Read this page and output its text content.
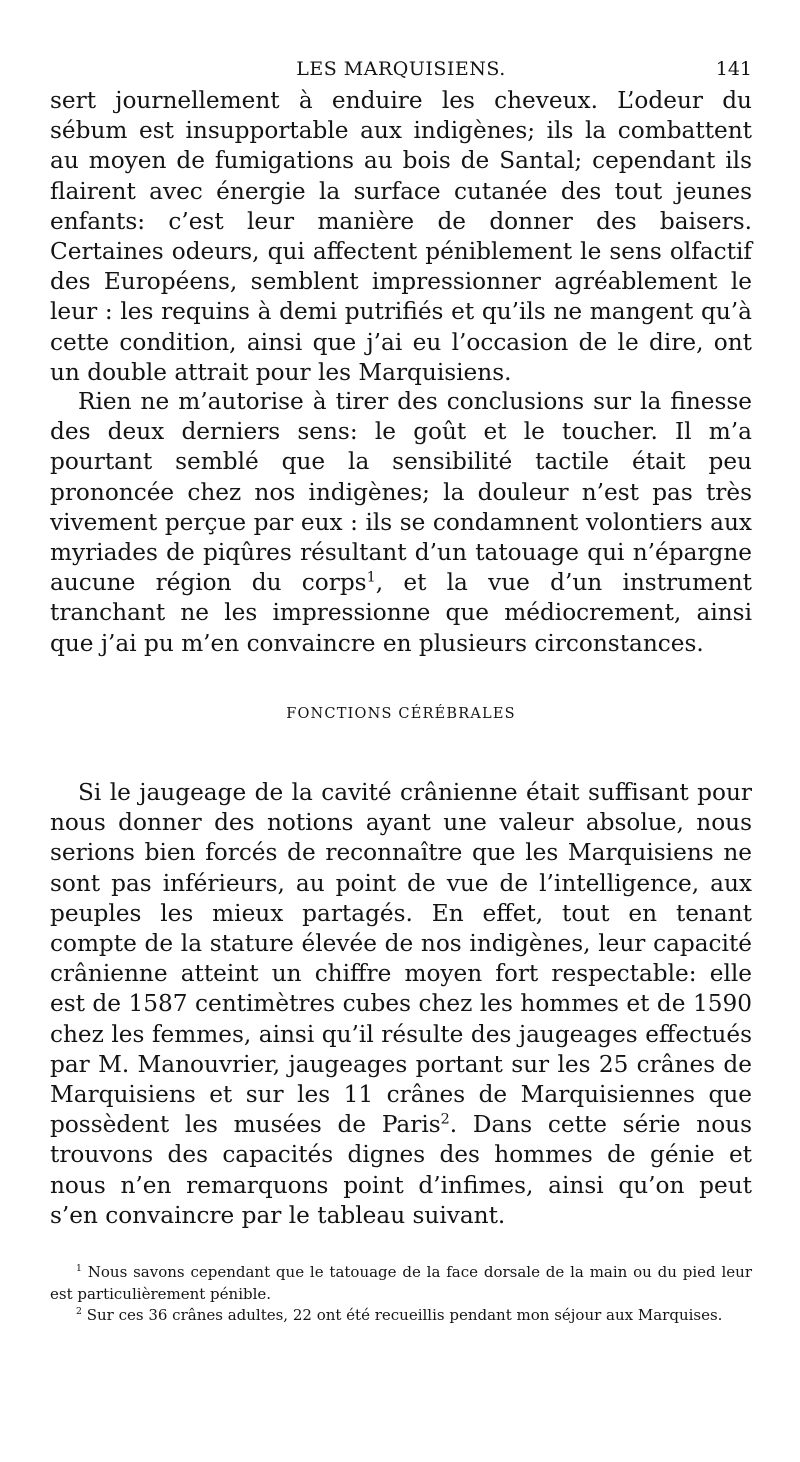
LES MARQUISIENS.	141

sert journellement à enduire les cheveux. L’odeur du sébum est insupportable aux indigènes; ils la combattent au moyen de fumigations au bois de Santal; cependant ils flairent avec énergie la surface cutanée des tout jeunes enfants: c’est leur manière de donner des baisers. Certaines odeurs, qui affectent péniblement le sens olfactif des Européens, semblent impressionner agréablement le leur : les requins à demi putrifiés et qu’ils ne mangent qu’à cette condition, ainsi que j’ai eu l’occasion de le dire, ont un double attrait pour les Marquisiens.

Rien ne m’autorise à tirer des conclusions sur la finesse des deux derniers sens: le goût et le toucher. Il m’a pourtant semblé que la sensibilité tactile était peu prononcée chez nos indigènes; la douleur n’est pas très vivement perçue par eux : ils se condamnent volontiers aux myriades de piqûres résultant d’un tatouage qui n’épargne aucune région du corps$^1$, et la vue d’un instrument tranchant ne les impressionne que médiocrement, ainsi que j’ai pu m’en convaincre en plusieurs circonstances.

FONCTIONS CÉRÉBRALES

Si le jaugeage de la cavité crânienne était suffisant pour nous donner des notions ayant une valeur absolue, nous serions bien forcés de reconnaître que les Marquisiens ne sont pas inférieurs, au point de vue de l’intelligence, aux peuples les mieux partagés. En effet, tout en tenant compte de la stature élevée de nos indigènes, leur capacité crânienne atteint un chiffre moyen fort respectable: elle est de 1587 centimètres cubes chez les hommes et de 1590 chez les femmes, ainsi qu’il résulte des jaugeages effectués par M. Manouvrier, jaugeages portant sur les 25 crânes de Marquisiens et sur les 11 crânes de Marquisiennes que possèdent les musées de Paris$^2$. Dans cette série nous trouvons des capacités dignes des hommes de génie et nous n’en remarquons point d’infimes, ainsi qu’on peut s’en convaincre par le tableau suivant.

$^1$ Nous savons cependant que le tatouage de la face dorsale de la main ou du pied leur est particulièrement pénible.

$^2$ Sur ces 36 crânes adultes, 22 ont été recueillis pendant mon séjour aux Marquises.
